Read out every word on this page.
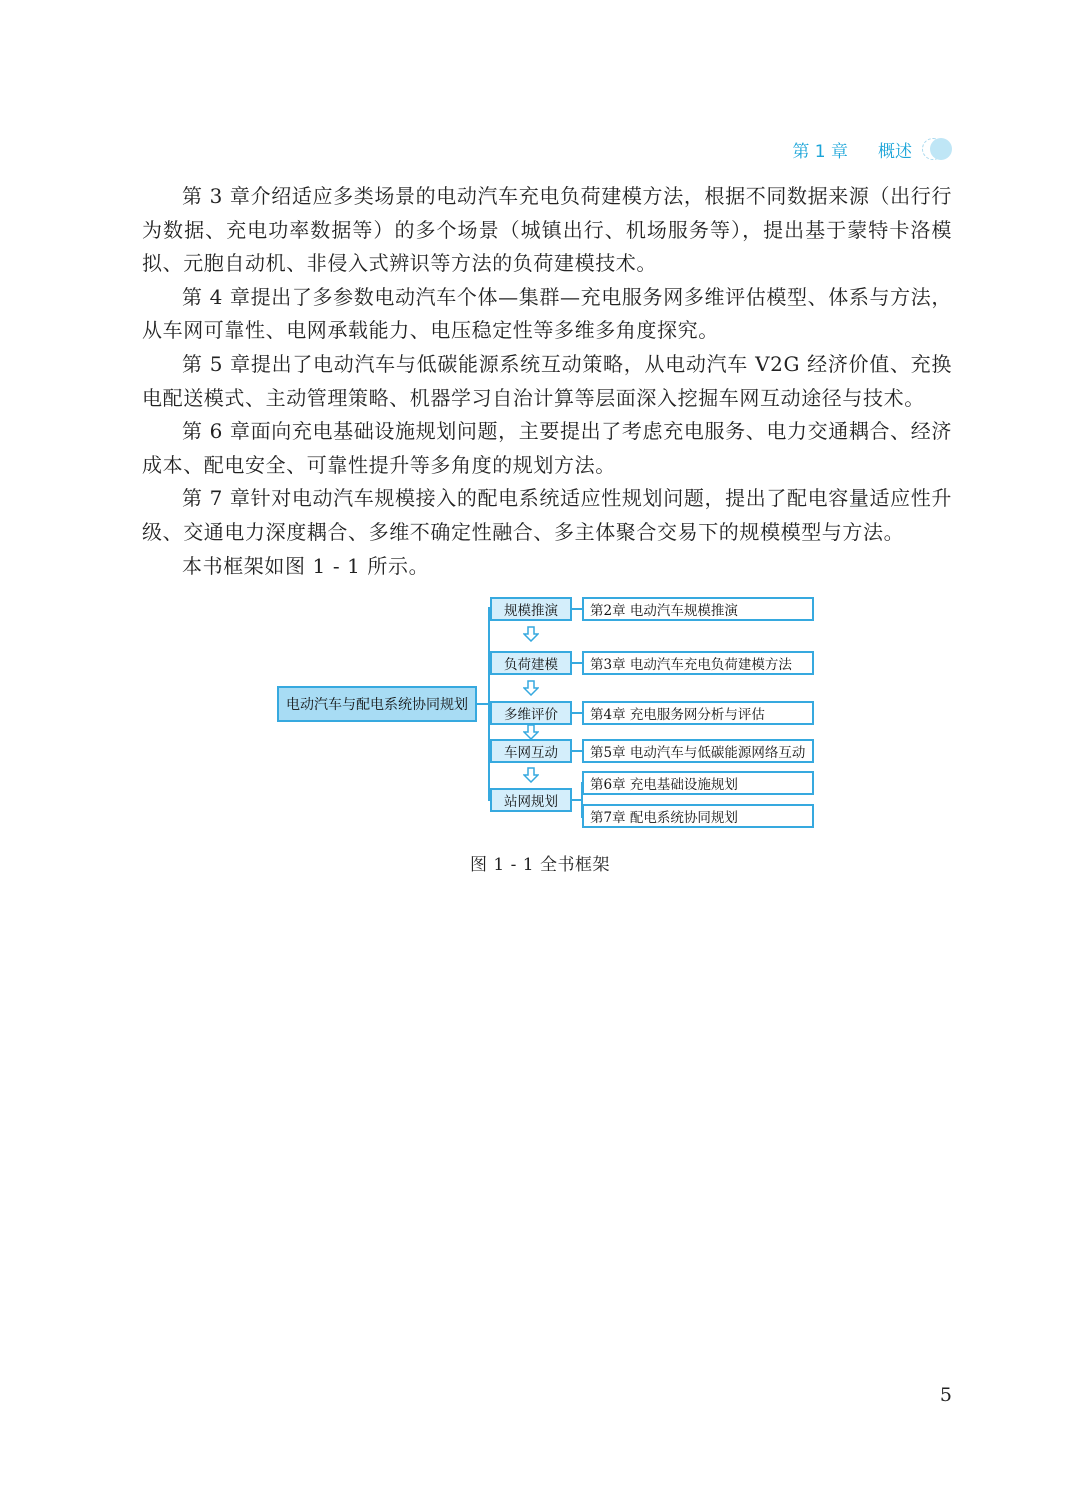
第 1 章 概述

第 3 章介绍适应多类场景的电动汽车充电负荷建模方法，根据不同数据来源（出行行为数据、充电功率数据等）的多个场景（城镇出行、机场服务等），提出基于蒙特卡洛模拟、元胞自动机、非侵入式辨识等方法的负荷建模技术。

第 4 章提出了多参数电动汽车个体—集群—充电服务网多维评估模型、体系与方法，从车网可靠性、电网承载能力、电压稳定性等多维多角度探究。

第 5 章提出了电动汽车与低碳能源系统互动策略，从电动汽车 V2G 经济价值、充换电配送模式、主动管理策略、机器学习自治计算等层面深入挖掘车网互动途径与技术。

第 6 章面向充电基础设施规划问题，主要提出了考虑充电服务、电力交通耦合、经济成本、配电安全、可靠性提升等多角度的规划方法。

第 7 章针对电动汽车规模接入的配电系统适应性规划问题，提出了配电容量适应性升级、交通电力深度耦合、多维不确定性融合、多主体聚合交易下的规模模型与方法。

本书框架如图 1 - 1 所示。

电动汽车与配电系统协同规划
规模推演
负荷建模
多维评价
车网互动
站网规划
第2章 电动汽车规模推演
第3章 电动汽车充电负荷建模方法
第4章 充电服务网分析与评估
第5章 电动汽车与低碳能源网络互动
第6章 充电基础设施规划
第7章 配电系统协同规划
图 1 - 1 全书框架
5
